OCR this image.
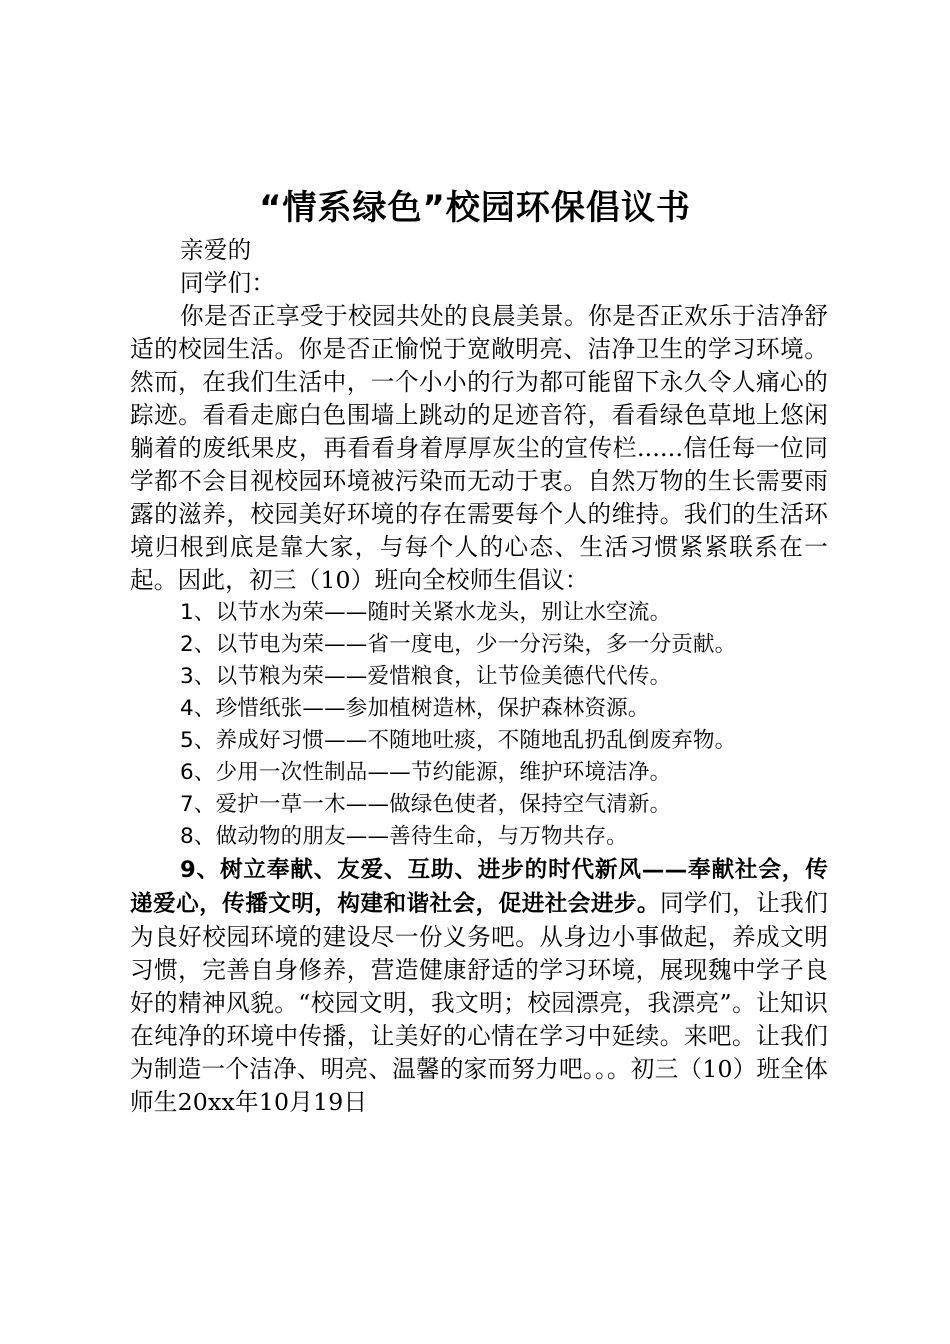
“情系绿色”校园环保倡议书

亲爱的

同学们：

你是否正享受于校园共处的良晨美景。你是否正欢乐于洁净舒适的校园生活。你是否正愉悦于宽敞明亮、洁净卫生的学习环境。然而，在我们生活中，一个小小的行为都可能留下永久令人痛心的踪迹。看看走廊白色围墙上跳动的足迹音符，看看绿色草地上悠闲躺着的废纸果皮，再看看身着厚厚灰尘的宣传栏......信任每一位同学都不会目视校园环境被污染而无动于衷。自然万物的生长需要雨露的滋养，校园美好环境的存在需要每个人的维持。我们的生活环境归根到底是靠大家，与每个人的心态、生活习惯紧紧联系在一起。因此，初三（10）班向全校师生倡议：

1、以节水为荣——随时关紧水龙头，别让水空流。
2、以节电为荣——省一度电，少一分污染，多一分贡献。
3、以节粮为荣——爱惜粮食，让节俭美德代代传。
4、珍惜纸张——参加植树造林，保护森林资源。
5、养成好习惯——不随地吐痰，不随地乱扔乱倒废弃物。
6、少用一次性制品——节约能源，维护环境洁净。
7、爱护一草一木——做绿色使者，保持空气清新。
8、做动物的朋友——善待生命，与万物共存。

9、树立奉献、友爱、互助、进步的时代新风——奉献社会，传递爱心，传播文明，构建和谐社会，促进社会进步。同学们，让我们为良好校园环境的建设尽一份义务吧。从身边小事做起，养成文明习惯，完善自身修养，营造健康舒适的学习环境，展现魏中学子良好的精神风貌。“校园文明，我文明；校园漂亮，我漂亮”。让知识在纯净的环境中传播，让美好的心情在学习中延续。来吧。让我们为制造一个洁净、明亮、温馨的家而努力吧。。。初三（10）班全体师生20xx年10月19日
